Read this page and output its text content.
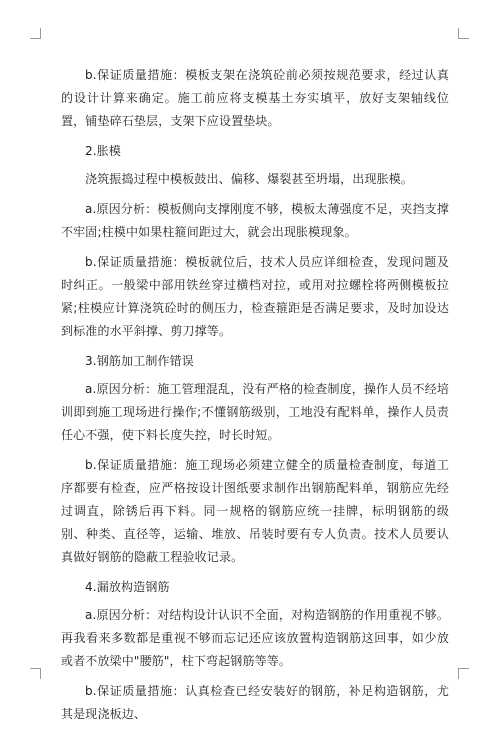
b.保证质量措施：模板支架在浇筑砼前必须按规范要求，经过认真的设计计算来确定。施工前应将支模基土夯实填平，放好支架轴线位置，铺垫碎石垫层，支架下应设置垫块。

2.胀模

浇筑振捣过程中模板鼓出、偏移、爆裂甚至坍塌，出现胀模。

a.原因分析：模板侧向支撑刚度不够，模板太薄强度不足，夹挡支撑不牢固;柱模中如果柱箍间距过大，就会出现胀模现象。

b.保证质量措施：模板就位后，技术人员应详细检查，发现问题及时纠正。一般梁中部用铁丝穿过横档对拉，或用对拉螺栓将两侧模板拉紧;柱模应计算浇筑砼时的侧压力，检查箍距是否满足要求，及时加设达到标准的水平斜撑、剪刀撑等。

3.钢筋加工制作错误

a.原因分析：施工管理混乱，没有严格的检查制度，操作人员不经培训即到施工现场进行操作;不懂钢筋级别，工地没有配料单，操作人员责任心不强，使下料长度失控，时长时短。

b.保证质量措施：施工现场必须建立健全的质量检查制度，每道工序都要有检查，应严格按设计图纸要求制作出钢筋配料单，钢筋应先经过调直，除锈后再下料。同一规格的钢筋应统一挂牌，标明钢筋的级别、种类、直径等，运输、堆放、吊装时要有专人负责。技术人员要认真做好钢筋的隐蔽工程验收记录。

4.漏放构造钢筋

a.原因分析：对结构设计认识不全面，对构造钢筋的作用重视不够。再我看来多数都是重视不够而忘记还应该放置构造钢筋这回事，如少放或者不放梁中"腰筋"，柱下弯起钢筋等等。

b.保证质量措施：认真检查已经安装好的钢筋，补足构造钢筋，尤其是现浇板边、
